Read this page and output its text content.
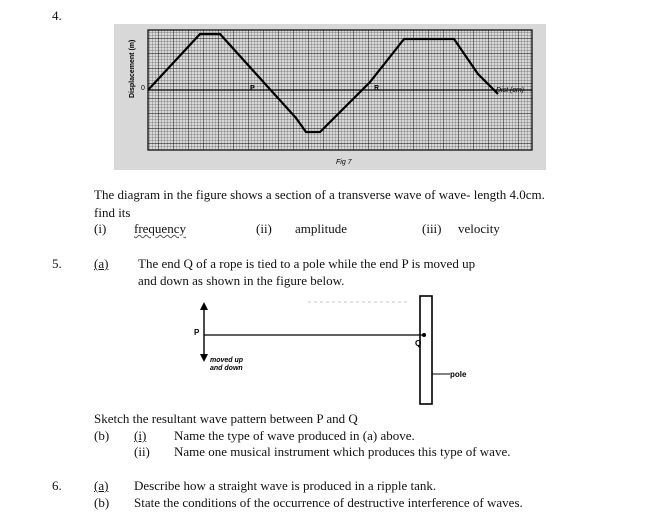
4.
Displacement (m) 0	P	R	Dist (cm)
Fig 7
The diagram in the figure shows a section of a transverse wave of wave- length 4.0cm.
find its
(i) frequency	(ii) amplitude	(iii) velocity
5. (a) The end Q of a rope is tied to a pole while the end P is moved up
and down as shown in the figure below.
P
Q
pole
moved up
and down
Sketch the resultant wave pattern between P and Q
(b) (i) Name the type of wave produced in (a) above.
(ii) Name one musical instrument which produces this type of wave.
6. (a) Describe how a straight wave is produced in a ripple tank.
(b) State the conditions of the occurrence of destructive interference of waves.
